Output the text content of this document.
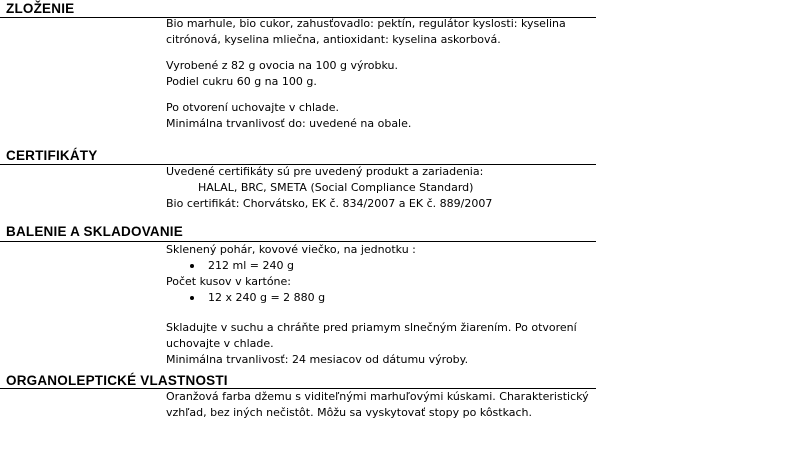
ZLOŽENIE
Bio marhule, bio cukor, zahusťovadlo: pektín, regulátor kyslosti: kyselina
citrónová, kyselina mliečna, antioxidant: kyselina askorbová.
Vyrobené z 82 g ovocia na 100 g výrobku.
Podiel cukru 60 g na 100 g.
Po otvorení uchovajte v chlade.
Minimálna trvanlivosť do: uvedené na obale.
CERTIFIKÁTY
Uvedené certifikáty sú pre uvedený produkt a zariadenia:
HALAL, BRC, SMETA (Social Compliance Standard)
Bio certifikát: Chorvátsko, EK č. 834/2007 a EK č. 889/2007
BALENIE A SKLADOVANIE
Sklenený pohár, kovové viečko, na jednotku :
212 ml = 240 g
Počet kusov v kartóne:
12 x 240 g = 2 880 g
Skladujte v suchu a chráňte pred priamym slnečným žiarením. Po otvorení
uchovajte v chlade.
Minimálna trvanlivosť: 24 mesiacov od dátumu výroby.
ORGANOLEPTICKÉ VLASTNOSTI
Oranžová farba džemu s viditeľnými marhuľovými kúskami. Charakteristický
vzhľad, bez iných nečistôt. Môžu sa vyskytovať stopy po kôstkach.
